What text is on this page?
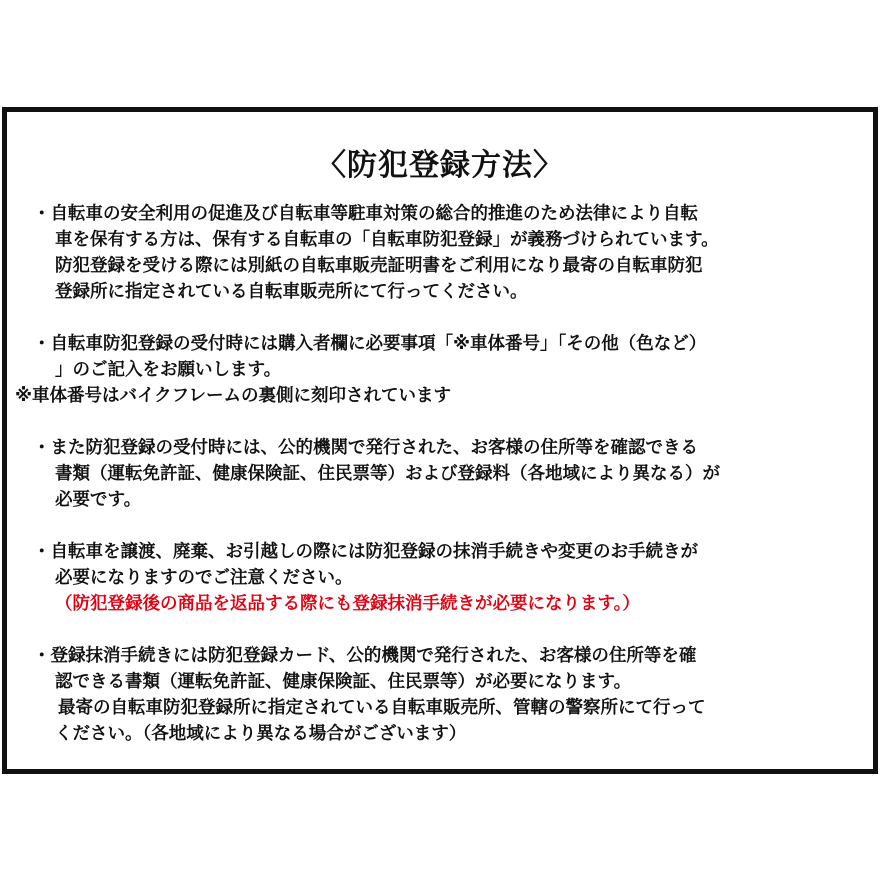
〈防犯登録方法〉
・自転車の安全利用の促進及び自転車等駐車対策の総合的推進のため法律により自転
車を保有する方は、保有する自転車の「自転車防犯登録」が義務づけられています。
防犯登録を受ける際には別紙の自転車販売証明書をご利用になり最寄の自転車防犯
登録所に指定されている自転車販売所にて行ってください。
・自転車防犯登録の受付時には購入者欄に必要事項「※車体番号」「その他（色など）
」のご記入をお願いします。
※車体番号はバイクフレームの裏側に刻印されています
・また防犯登録の受付時には、公的機関で発行された、お客様の住所等を確認できる
書類（運転免許証、健康保険証、住民票等）および登録料（各地域により異なる）が
必要です。
・自転車を譲渡、廃棄、お引越しの際には防犯登録の抹消手続きや変更のお手続きが
必要になりますのでご注意ください。
（防犯登録後の商品を返品する際にも登録抹消手続きが必要になります。）
・登録抹消手続きには防犯登録カード、公的機関で発行された、お客様の住所等を確
認できる書類（運転免許証、健康保険証、住民票等）が必要になります。
最寄の自転車防犯登録所に指定されている自転車販売所、管轄の警察所にて行って
ください。（各地域により異なる場合がございます）
